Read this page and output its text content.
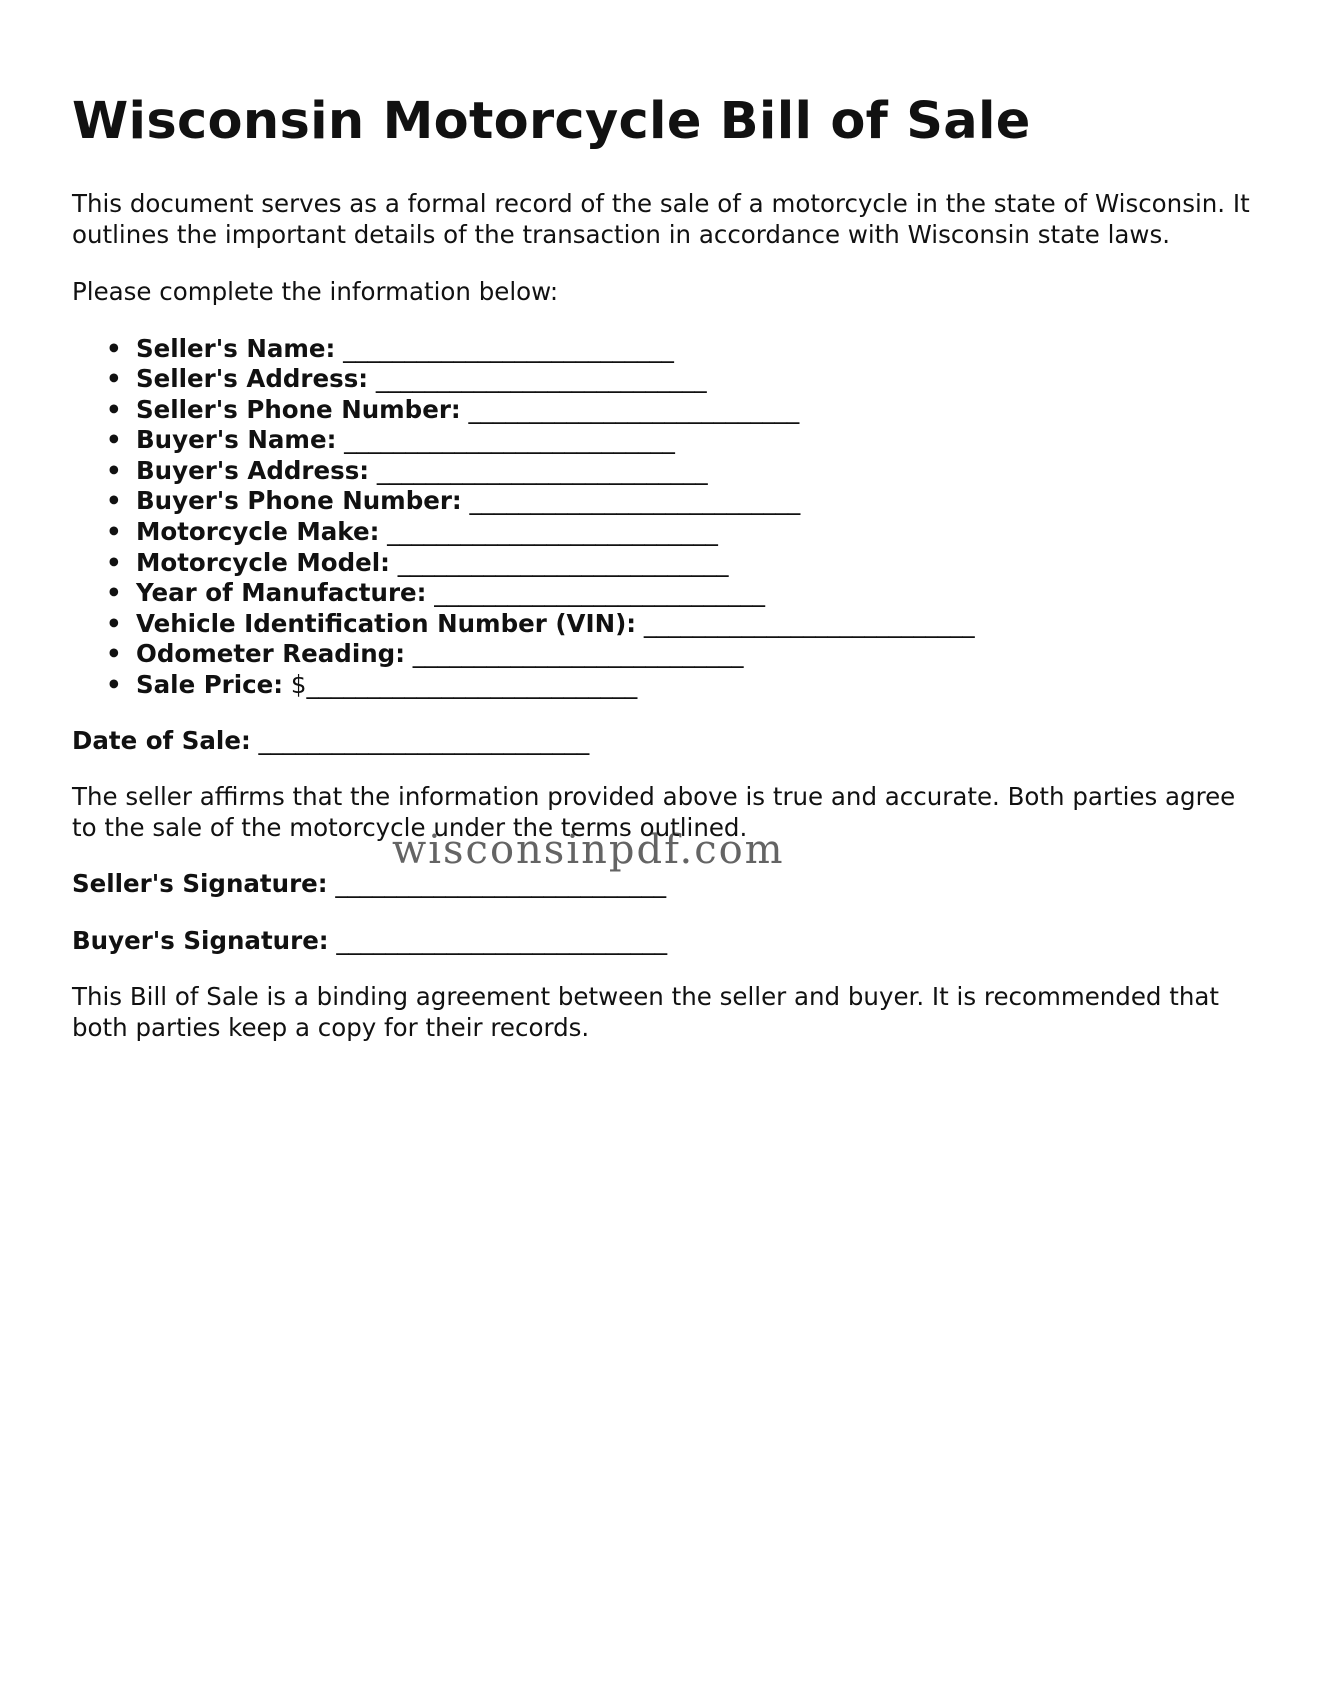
Wisconsin Motorcycle Bill of Sale

This document serves as a formal record of the sale of a motorcycle in the state of Wisconsin. It outlines the important details of the transaction in accordance with Wisconsin state laws.

Please complete the information below:

• Seller's Name: ___________________________
• Seller's Address: ___________________________
• Seller's Phone Number: ___________________________
• Buyer's Name: ___________________________
• Buyer's Address: ___________________________
• Buyer's Phone Number: ___________________________
• Motorcycle Make: ___________________________
• Motorcycle Model: ___________________________
• Year of Manufacture: ___________________________
• Vehicle Identification Number (VIN): ___________________________
• Odometer Reading: ___________________________
• Sale Price: $___________________________

Date of Sale: ___________________________

The seller affirms that the information provided above is true and accurate. Both parties agree to the sale of the motorcycle under the terms outlined.

Seller's Signature: ___________________________

Buyer's Signature: ___________________________

This Bill of Sale is a binding agreement between the seller and buyer. It is recommended that both parties keep a copy for their records.

wisconsinpdf.com
